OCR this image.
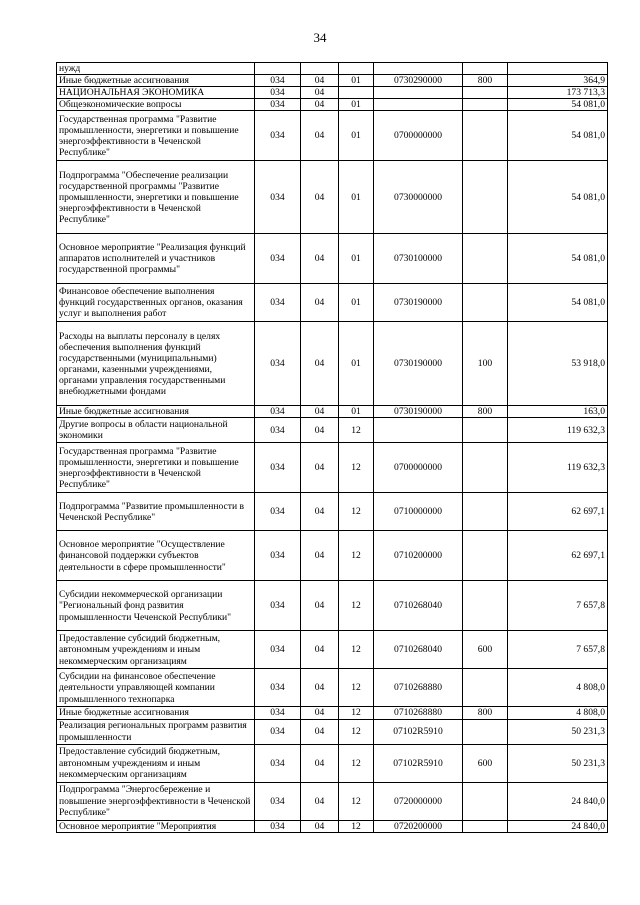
34
нужд						
Иные бюджетные ассигнования	034	04	01	0730290000	800	364,9
НАЦИОНАЛЬНАЯ ЭКОНОМИКА	034	04				173 713,3
Общеэкономические вопросы	034	04	01			54 081,0
Государственная программа "Развитие промышленности, энергетики и повышение энергоэффективности в Чеченской Республике"	034	04	01	0700000000		54 081,0
Подпрограмма "Обеспечение реализации государственной программы "Развитие промышленности, энергетики и повышение энергоэффективности в Чеченской Республике"	034	04	01	0730000000		54 081,0
Основное мероприятие "Реализация функций аппаратов исполнителей и участников государственной программы"	034	04	01	0730100000		54 081,0
Финансовое обеспечение выполнения функций государственных органов, оказания услуг и выполнения работ	034	04	01	0730190000		54 081,0
Расходы на выплаты персоналу в целях обеспечения выполнения функций государственными (муниципальными) органами, казенными учреждениями, органами управления государственными внебюджетными фондами	034	04	01	0730190000	100	53 918,0
Иные бюджетные ассигнования	034	04	01	0730190000	800	163,0
Другие вопросы в области национальной экономики	034	04	12			119 632,3
Государственная программа "Развитие промышленности, энергетики и повышение энергоэффективности в Чеченской Республике"	034	04	12	0700000000		119 632,3
Подпрограмма "Развитие промышленности в Чеченской Республике"	034	04	12	0710000000		62 697,1
Основное мероприятие "Осуществление финансовой поддержки субъектов деятельности в сфере промышленности"	034	04	12	0710200000		62 697,1
Субсидии некоммерческой организации "Региональный фонд развития промышленности Чеченской Республики"	034	04	12	0710268040		7 657,8
Предоставление субсидий бюджетным, автономным учреждениям и иным некоммерческим организациям	034	04	12	0710268040	600	7 657,8
Субсидии на финансовое обеспечение деятельности управляющей компании промышленного технопарка	034	04	12	0710268880		4 808,0
Иные бюджетные ассигнования	034	04	12	0710268880	800	4 808,0
Реализация региональных программ развития промышленности	034	04	12	07102R5910		50 231,3
Предоставление субсидий бюджетным, автономным учреждениям и иным некоммерческим организациям	034	04	12	07102R5910	600	50 231,3
Подпрограмма "Энергосбережение и повышение энергоэффективности в Чеченской Республике"	034	04	12	0720000000		24 840,0
Основное мероприятие "Мероприятия	034	04	12	0720200000		24 840,0
